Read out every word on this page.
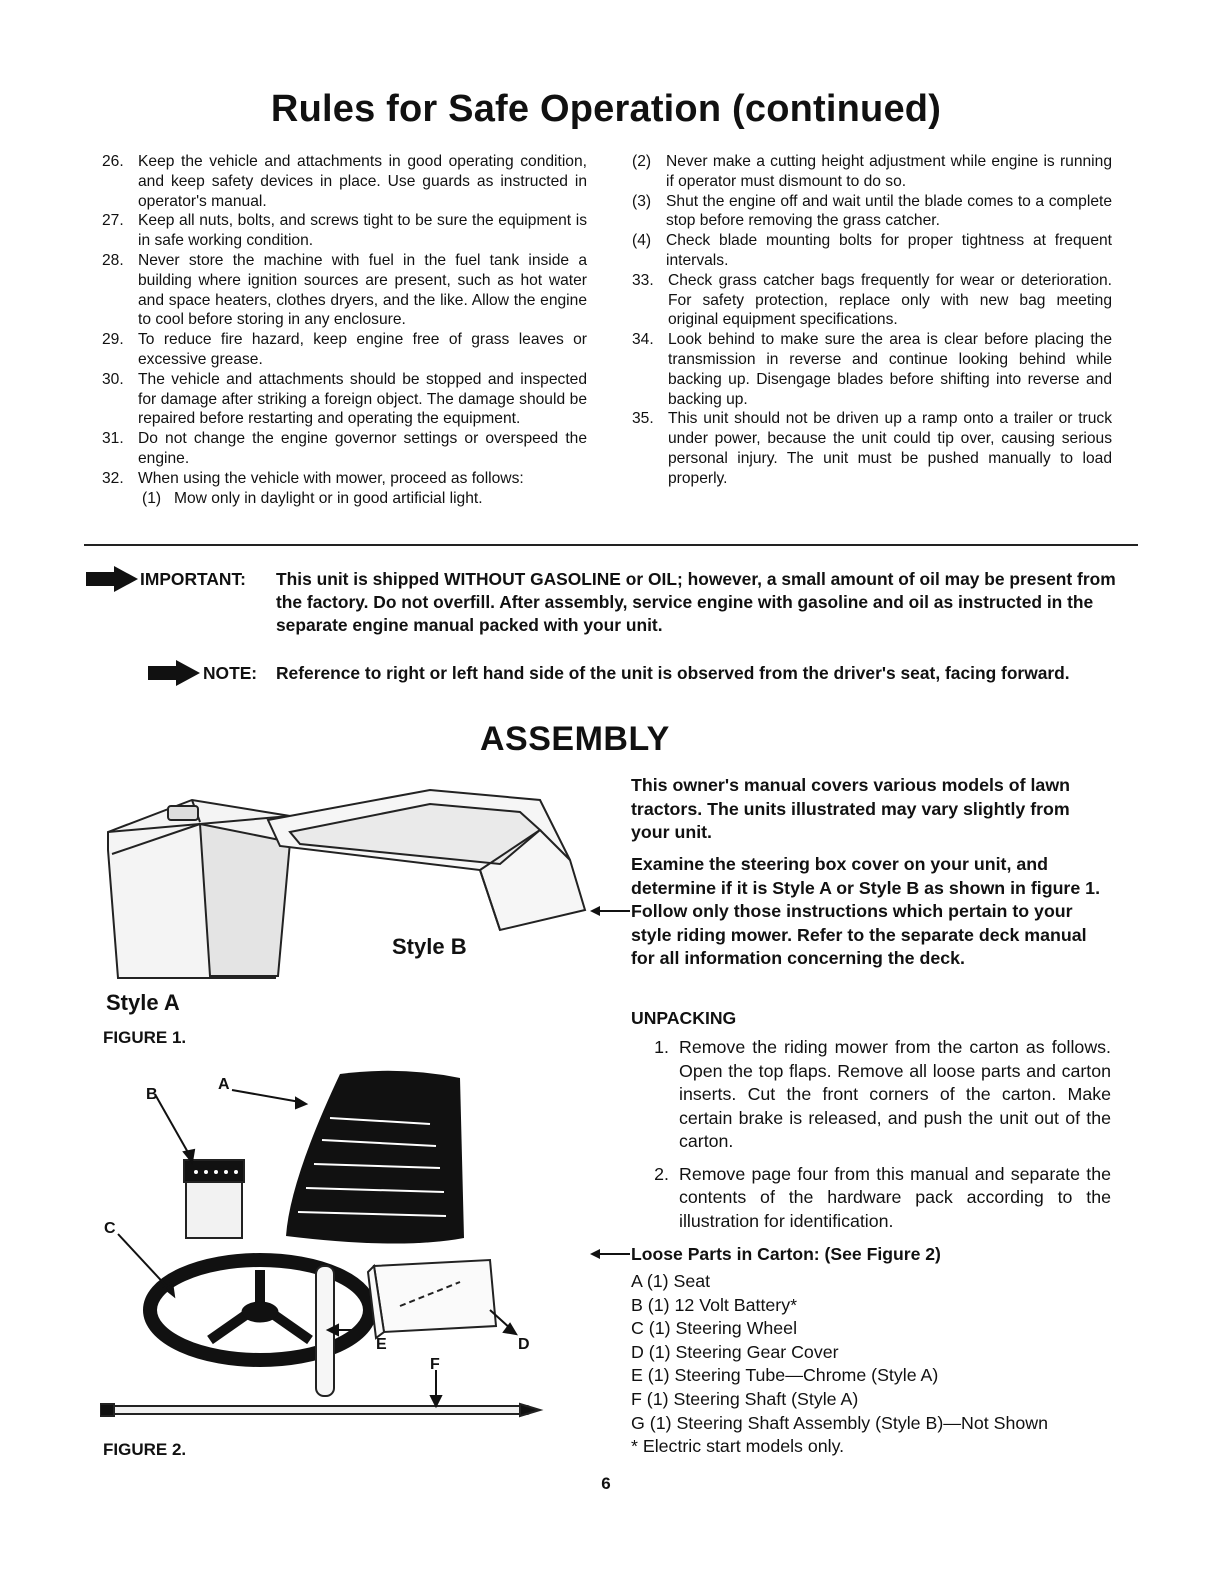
Rules for Safe Operation (continued)
26. Keep the vehicle and attachments in good operating condition, and keep safety devices in place. Use guards as instructed in operator's manual.
27. Keep all nuts, bolts, and screws tight to be sure the equipment is in safe working condition.
28. Never store the machine with fuel in the fuel tank inside a building where ignition sources are present, such as hot water and space heaters, clothes dryers, and the like. Allow the engine to cool before storing in any enclosure.
29. To reduce fire hazard, keep engine free of grass leaves or excessive grease.
30. The vehicle and attachments should be stopped and inspected for damage after striking a foreign object. The damage should be repaired before restarting and operating the equipment.
31. Do not change the engine governor settings or overspeed the engine.
32. When using the vehicle with mower, proceed as follows:
(1) Mow only in daylight or in good artificial light.
(2) Never make a cutting height adjustment while engine is running if operator must dismount to do so.
(3) Shut the engine off and wait until the blade comes to a complete stop before removing the grass catcher.
(4) Check blade mounting bolts for proper tightness at frequent intervals.
33. Check grass catcher bags frequently for wear or deterioration. For safety protection, replace only with new bag meeting original equipment specifications.
34. Look behind to make sure the area is clear before placing the transmission in reverse and continue looking behind while backing up. Disengage blades before shifting into reverse and backing up.
35. This unit should not be driven up a ramp onto a trailer or truck under power, because the unit could tip over, causing serious personal injury. The unit must be pushed manually to load properly.
IMPORTANT: This unit is shipped WITHOUT GASOLINE or OIL; however, a small amount of oil may be present from the factory. Do not overfill. After assembly, service engine with gasoline and oil as instructed in the separate engine manual packed with your unit.
NOTE: Reference to right or left hand side of the unit is observed from the driver's seat, facing forward.
ASSEMBLY
This owner's manual covers various models of lawn tractors. The units illustrated may vary slightly from your unit.
Examine the steering box cover on your unit, and determine if it is Style A or Style B as shown in figure 1. Follow only those instructions which pertain to your style riding mower. Refer to the separate deck manual for all information concerning the deck.
UNPACKING
1. Remove the riding mower from the carton as follows. Open the top flaps. Remove all loose parts and carton inserts. Cut the front corners of the carton. Make certain brake is released, and push the unit out of the carton.
2. Remove page four from this manual and separate the contents of the hardware pack according to the illustration for identification.
Loose Parts in Carton: (See Figure 2)
A (1) Seat
B (1) 12 Volt Battery*
C (1) Steering Wheel
D (1) Steering Gear Cover
E (1) Steering Tube—Chrome (Style A)
F (1) Steering Shaft (Style A)
G (1) Steering Shaft Assembly (Style B)—Not Shown
* Electric start models only.
Style B
Style A
FIGURE 1.
A
B
C
D
E
F
FIGURE 2.
6
